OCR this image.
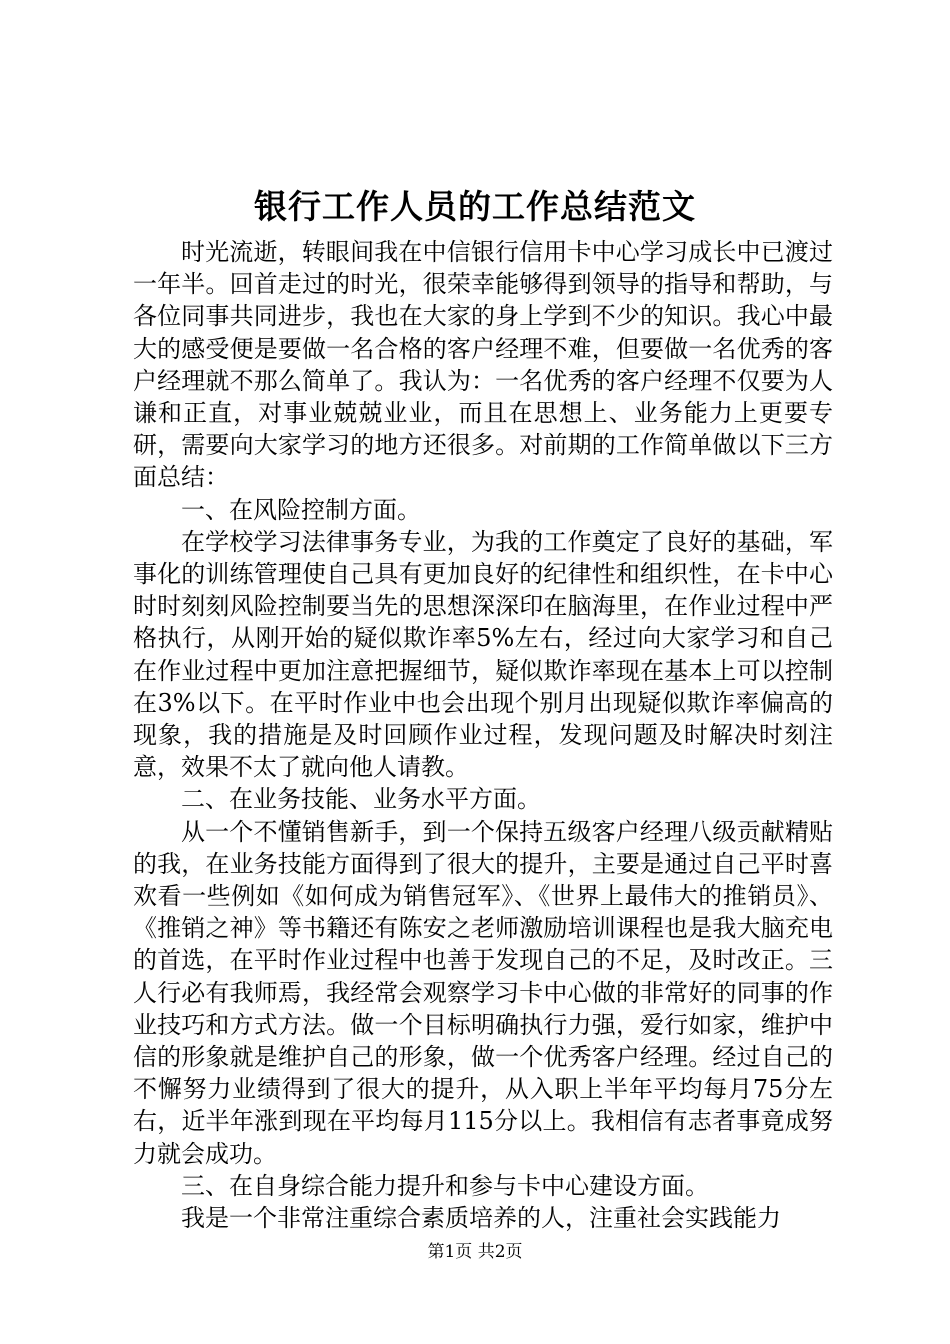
银行工作人员的工作总结范文

时光流逝，转眼间我在中信银行信用卡中心学习成长中已渡过一年半。回首走过的时光，很荣幸能够得到领导的指导和帮助，与各位同事共同进步，我也在大家的身上学到不少的知识。我心中最大的感受便是要做一名合格的客户经理不难，但要做一名优秀的客户经理就不那么简单了。我认为：一名优秀的客户经理不仅要为人谦和正直，对事业兢兢业业，而且在思想上、业务能力上更要专研，需要向大家学习的地方还很多。对前期的工作简单做以下三方面总结：

一、在风险控制方面。

在学校学习法律事务专业，为我的工作奠定了良好的基础，军事化的训练管理使自己具有更加良好的纪律性和组织性，在卡中心时时刻刻风险控制要当先的思想深深印在脑海里，在作业过程中严格执行，从刚开始的疑似欺诈率5%左右，经过向大家学习和自己在作业过程中更加注意把握细节，疑似欺诈率现在基本上可以控制在3%以下。在平时作业中也会出现个别月出现疑似欺诈率偏高的现象，我的措施是及时回顾作业过程，发现问题及时解决时刻注意，效果不太了就向他人请教。

二、在业务技能、业务水平方面。

从一个不懂销售新手，到一个保持五级客户经理八级贡献精贴的我，在业务技能方面得到了很大的提升，主要是通过自己平时喜欢看一些例如《如何成为销售冠军》、《世界上最伟大的推销员》、《推销之神》等书籍还有陈安之老师激励培训课程也是我大脑充电的首选，在平时作业过程中也善于发现自己的不足，及时改正。三人行必有我师焉，我经常会观察学习卡中心做的非常好的同事的作业技巧和方式方法。做一个目标明确执行力强，爱行如家，维护中信的形象就是维护自己的形象，做一个优秀客户经理。经过自己的不懈努力业绩得到了很大的提升，从入职上半年平均每月75分左右，近半年涨到现在平均每月115分以上。我相信有志者事竟成努力就会成功。

三、在自身综合能力提升和参与卡中心建设方面。

我是一个非常注重综合素质培养的人，注重社会实践能力

第1页 共2页
